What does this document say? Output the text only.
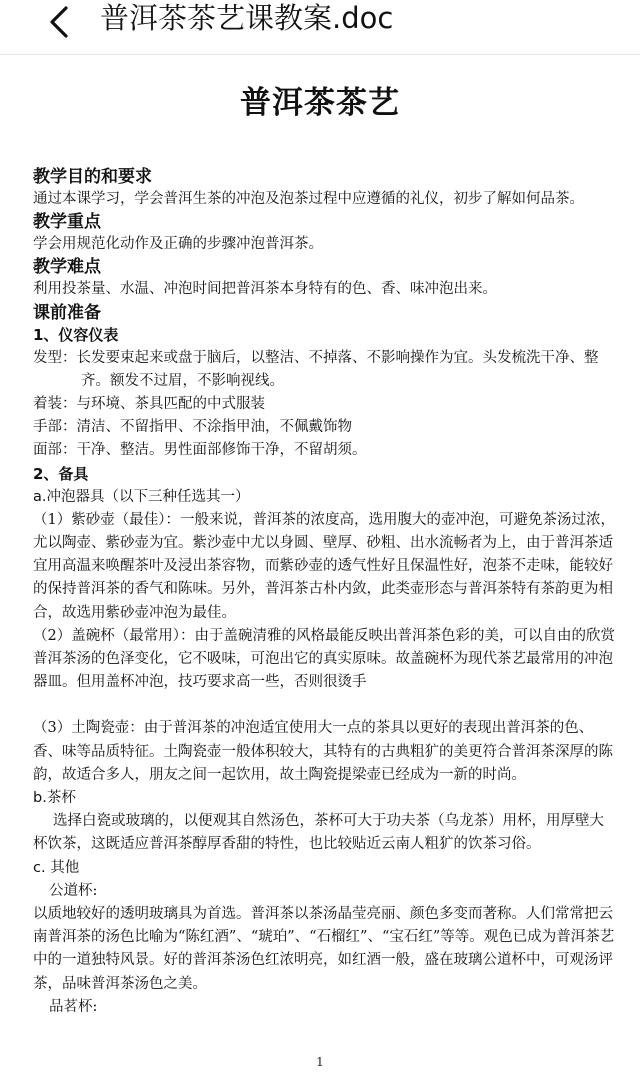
普洱茶茶艺课教案.doc
普洱茶茶艺

教学目的和要求

通过本课学习，学会普洱生茶的冲泡及泡茶过程中应遵循的礼仪，初步了解如何品茶。

教学重点

学会用规范化动作及正确的步骤冲泡普洱茶。

教学难点

利用投茶量、水温、冲泡时间把普洱茶本身特有的色、香、味冲泡出来。

课前准备

1、仪容仪表

发型：长发要束起来或盘于脑后，以整洁、不掉落、不影响操作为宜。头发梳洗干净、整齐。额发不过眉，不影响视线。

着装：与环境、茶具匹配的中式服装

手部：清洁、不留指甲、不涂指甲油，不佩戴饰物

面部：干净、整洁。男性面部修饰干净，不留胡须。

2、备具

a.冲泡器具（以下三种任选其一）

（1）紫砂壶（最佳）：一般来说，普洱茶的浓度高，选用腹大的壶冲泡，可避免茶汤过浓，尤以陶壶、紫砂壶为宜。紫沙壶中尤以身圆、壁厚、砂粗、出水流畅者为上，由于普洱茶适宜用高温来唤醒茶叶及浸出茶容物，而紫砂壶的透气性好且保温性好，泡茶不走味，能较好的保持普洱茶的香气和陈味。另外，普洱茶古朴内敛，此类壶形态与普洱茶特有茶韵更为相合，故选用紫砂壶冲泡为最佳。

（2）盖碗杯（最常用）：由于盖碗清雅的风格最能反映出普洱茶色彩的美，可以自由的欣赏普洱茶汤的色泽变化，它不吸味，可泡出它的真实原味。故盖碗杯为现代茶艺最常用的冲泡器皿。但用盖杯冲泡，技巧要求高一些，否则很烫手

（3）土陶瓷壶：由于普洱茶的冲泡适宜使用大一点的茶具以更好的表现出普洱茶的色、香、味等品质特征。土陶瓷壶一般体积较大，其特有的古典粗犷的美更符合普洱茶深厚的陈韵，故适合多人，朋友之间一起饮用，故土陶瓷提梁壶已经成为一新的时尚。

b.茶杯

选择白瓷或玻璃的，以便观其自然汤色，茶杯可大于功夫茶（乌龙茶）用杯，用厚壁大杯饮茶，这既适应普洱茶醇厚香甜的特性，也比较贴近云南人粗犷的饮茶习俗。

c. 其他

公道杯:

以质地较好的透明玻璃具为首选。普洱茶以茶汤晶莹亮丽、颜色多变而著称。人们常常把云南普洱茶的汤色比喻为“陈红酒”、“琥珀”、“石榴红”、“宝石红”等等。观色已成为普洱茶艺中的一道独特风景。好的普洱茶汤色红浓明亮，如红酒一般，盛在玻璃公道杯中，可观汤评茶，品味普洱茶汤色之美。

品茗杯:

1
